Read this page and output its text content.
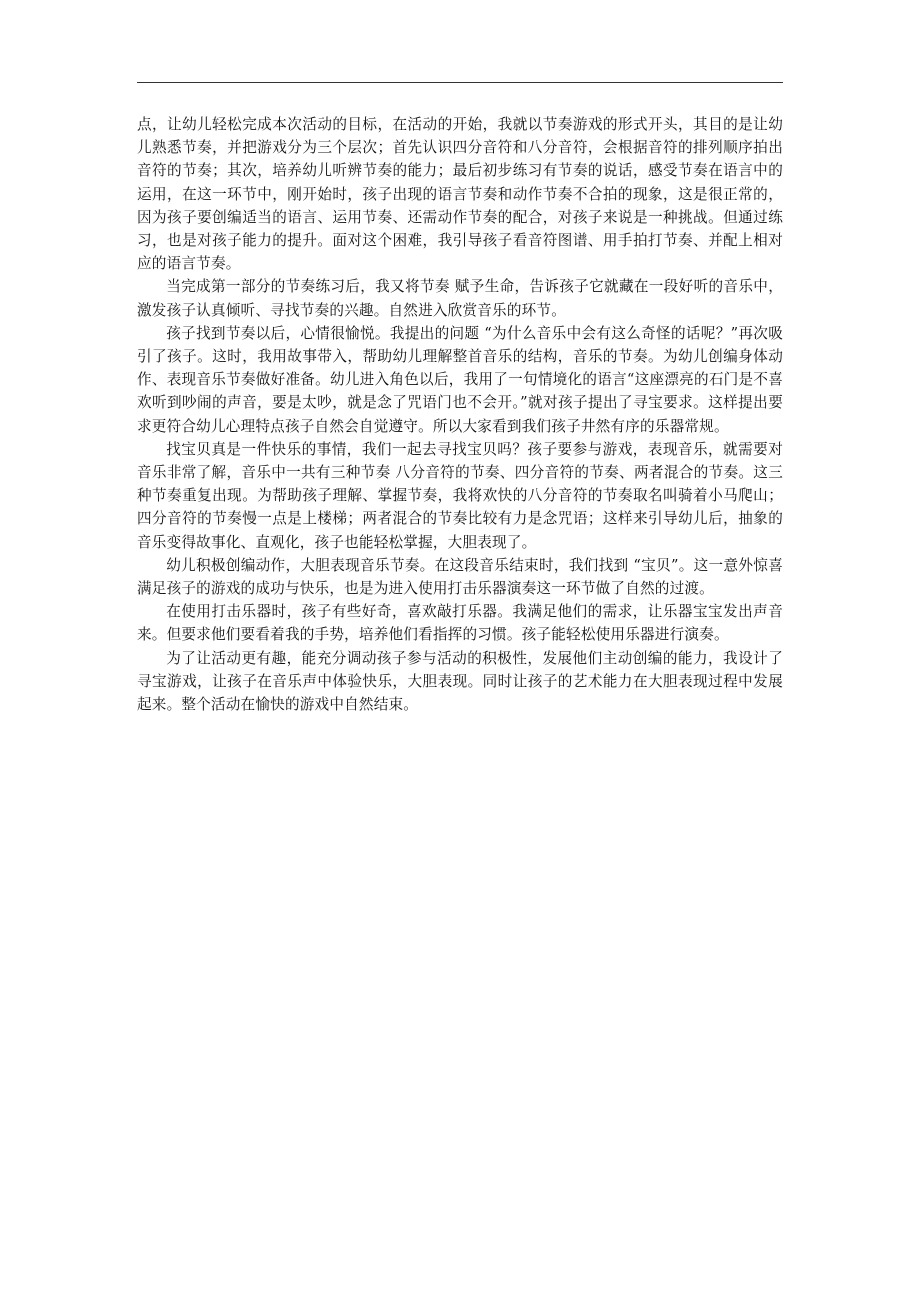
点，让幼儿轻松完成本次活动的目标，在活动的开始，我就以节奏游戏的形式开头，其目的是让幼儿熟悉节奏，并把游戏分为三个层次；首先认识四分音符和八分音符，会根据音符的排列顺序拍出音符的节奏；其次，培养幼儿听辨节奏的能力；最后初步练习有节奏的说话，感受节奏在语言中的运用，在这一环节中，刚开始时，孩子出现的语言节奏和动作节奏不合拍的现象，这是很正常的，因为孩子要创编适当的语言、运用节奏、还需动作节奏的配合，对孩子来说是一种挑战。但通过练习，也是对孩子能力的提升。面对这个困难，我引导孩子看音符图谱、用手拍打节奏、并配上相对应的语言节奏。

当完成第一部分的节奏练习后，我又将节奏 赋予生命，告诉孩子它就藏在一段好听的音乐中，激发孩子认真倾听、寻找节奏的兴趣。自然进入欣赏音乐的环节。

孩子找到节奏以后，心情很愉悦。我提出的问题 “为什么音乐中会有这么奇怪的话呢？”再次吸引了孩子。这时，我用故事带入，帮助幼儿理解整首音乐的结构，音乐的节奏。为幼儿创编身体动作、表现音乐节奏做好准备。幼儿进入角色以后，我用了一句情境化的语言“这座漂亮的石门是不喜欢听到吵闹的声音，要是太吵，就是念了咒语门也不会开。”就对孩子提出了寻宝要求。这样提出要求更符合幼儿心理特点孩子自然会自觉遵守。所以大家看到我们孩子井然有序的乐器常规。

找宝贝真是一件快乐的事情，我们一起去寻找宝贝吗？孩子要参与游戏，表现音乐，就需要对音乐非常了解，音乐中一共有三种节奏 八分音符的节奏、四分音符的节奏、两者混合的节奏。这三种节奏重复出现。为帮助孩子理解、掌握节奏，我将欢快的八分音符的节奏取名叫骑着小马爬山；四分音符的节奏慢一点是上楼梯；两者混合的节奏比较有力是念咒语；这样来引导幼儿后，抽象的音乐变得故事化、直观化，孩子也能轻松掌握，大胆表现了。

幼儿积极创编动作，大胆表现音乐节奏。在这段音乐结束时，我们找到 “宝贝”。这一意外惊喜满足孩子的游戏的成功与快乐，也是为进入使用打击乐器演奏这一环节做了自然的过渡。

在使用打击乐器时，孩子有些好奇，喜欢敲打乐器。我满足他们的需求，让乐器宝宝发出声音来。但要求他们要看着我的手势，培养他们看指挥的习惯。孩子能轻松使用乐器进行演奏。

为了让活动更有趣，能充分调动孩子参与活动的积极性，发展他们主动创编的能力，我设计了寻宝游戏，让孩子在音乐声中体验快乐，大胆表现。同时让孩子的艺术能力在大胆表现过程中发展起来。整个活动在愉快的游戏中自然结束。
